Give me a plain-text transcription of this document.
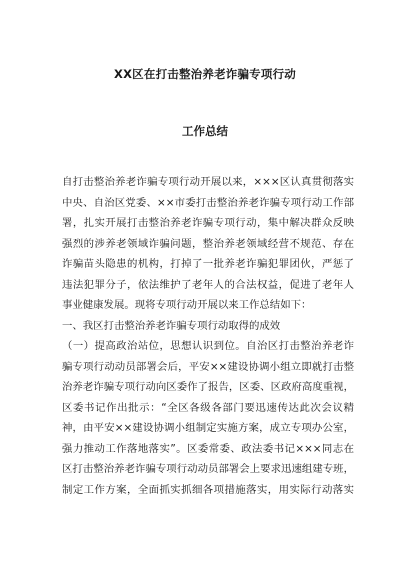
XX区在打击整治养老诈骗专项行动
工作总结
自打击整治养老诈骗专项行动开展以来，×××区认真贯彻落实
中央、自治区党委、××市委打击整治养老诈骗专项行动工作部
署，扎实开展打击整治养老诈骗专项行动，集中解决群众反映
强烈的涉养老领域诈骗问题，整治养老领域经营不规范、存在
诈骗苗头隐患的机构，打掉了一批养老诈骗犯罪团伙，严惩了
违法犯罪分子，依法维护了老年人的合法权益，促进了老年人
事业健康发展。现将专项行动开展以来工作总结如下：
一、我区打击整治养老诈骗专项行动取得的成效
（一）提高政治站位，思想认识到位。自治区打击整治养老诈
骗专项行动动员部署会后，平安××建设协调小组立即就打击整
治养老诈骗专项行动向区委作了报告，区委、区政府高度重视，
区委书记作出批示：“全区各级各部门要迅速传达此次会议精
神，由平安××建设协调小组制定实施方案，成立专项办公室，
强力推动工作落地落实”。区委常委、政法委书记×××同志在
区打击整治养老诈骗专项行动动员部署会上要求迅速组建专班，
制定工作方案，全面抓实抓细各项措施落实，用实际行动落实
